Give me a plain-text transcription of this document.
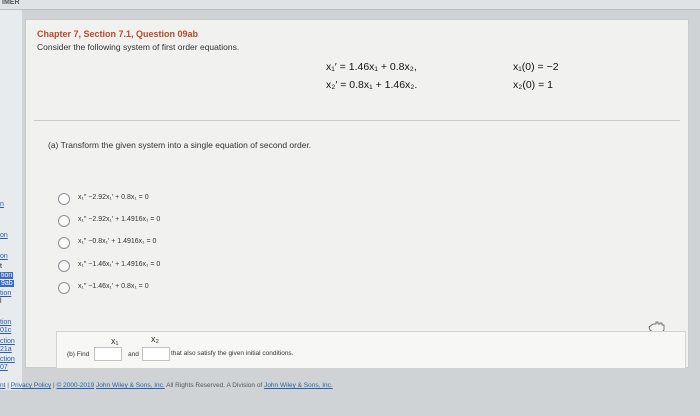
IMER
n
on
on
t
tion
9ab
tion
l
tion
01c
ction
21a
ction
07
Chapter 7, Section 7.1, Question 09ab
Consider the following system of first order equations.
x₁′ = 1.46x₁ + 0.8x₂,
x₂′ = 0.8x₁ + 1.46x₂.
x₁(0) = −2
x₂(0) = 1
(a) Transform the given system into a single equation of second order.
x₁″ −2.92x₁′ + 0.8x₁ = 0
x₁″ −2.92x₁′ + 1.4916x₁ = 0
x₁″ −0.8x₁′ + 1.4916x₁ = 0
x₁″ −1.46x₁′ + 1.4916x₁ = 0
x₁″ −1.46x₁′ + 0.8x₁ = 0
(b) Find
x₁
and
x₂
that also satisfy the given initial conditions.
nt | Privacy Policy | © 2000-2019 John Wiley & Sons, Inc. All Rights Reserved. A Division of John Wiley & Sons, Inc.
